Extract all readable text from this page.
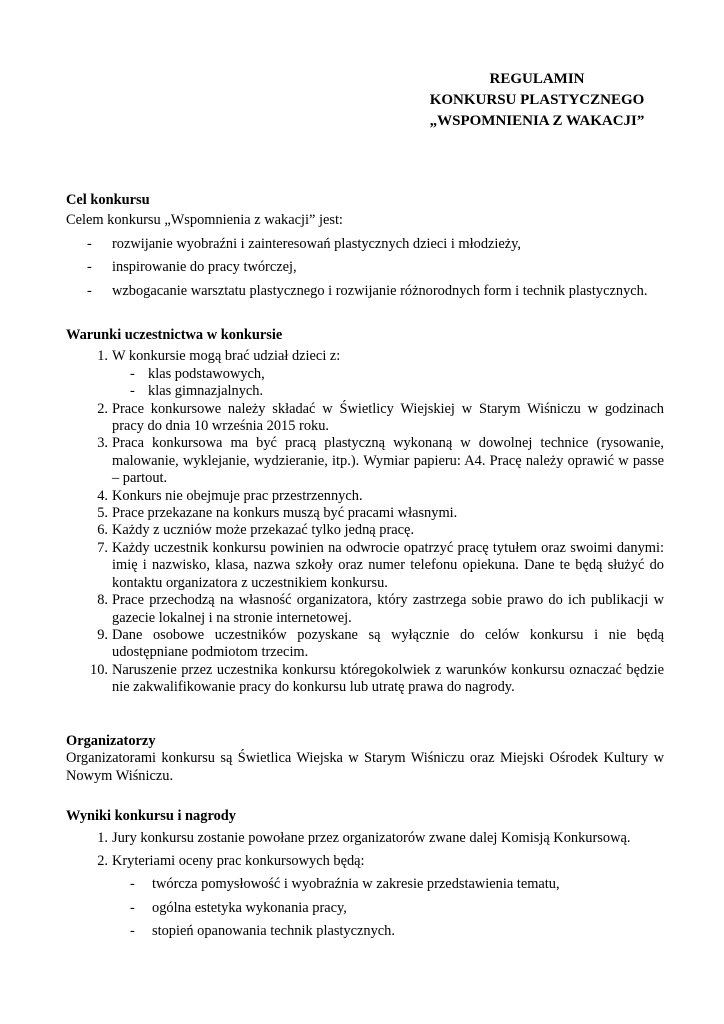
REGULAMIN
KONKURSU PLASTYCZNEGO
„WSPOMNIENIA Z WAKACJI”
Cel konkursu
Celem konkursu „Wspomnienia z wakacji” jest:
- rozwijanie wyobraźni i zainteresowań plastycznych dzieci i młodzieży,
- inspirowanie do pracy twórczej,
- wzbogacanie warsztatu plastycznego i rozwijanie różnorodnych form i technik plastycznych.
Warunki uczestnictwa w konkursie
1. W konkursie mogą brać udział dzieci z:
- klas podstawowych,
- klas gimnazjalnych.
2. Prace konkursowe należy składać w Świetlicy Wiejskiej w Starym Wiśniczu w godzinach pracy do dnia 10 września 2015 roku.
3. Praca konkursowa ma być pracą plastyczną wykonaną w dowolnej technice (rysowanie, malowanie, wyklejanie, wydzieranie, itp.). Wymiar papieru: A4. Pracę należy oprawić w passe – partout.
4. Konkurs nie obejmuje prac przestrzennych.
5. Prace przekazane na konkurs muszą być pracami własnymi.
6. Każdy z uczniów może przekazać tylko jedną pracę.
7. Każdy uczestnik konkursu powinien na odwrocie opatrzyć pracę tytułem oraz swoimi danymi: imię i nazwisko, klasa, nazwa szkoły oraz numer telefonu opiekuna. Dane te będą służyć do kontaktu organizatora z uczestnikiem konkursu.
8. Prace przechodzą na własność organizatora, który zastrzega sobie prawo do ich publikacji w gazecie lokalnej i na stronie internetowej.
9. Dane osobowe uczestników pozyskane są wyłącznie do celów konkursu i nie będą udostępniane podmiotom trzecim.
10. Naruszenie przez uczestnika konkursu któregokolwiek z warunków konkursu oznaczać będzie nie zakwalifikowanie pracy do konkursu lub utratę prawa do nagrody.
Organizatorzy
Organizatorami konkursu są Świetlica Wiejska w Starym Wiśniczu oraz Miejski Ośrodek Kultury w Nowym Wiśniczu.
Wyniki konkursu i nagrody
1. Jury konkursu zostanie powołane przez organizatorów zwane dalej Komisją Konkursową.
2. Kryteriami oceny prac konkursowych będą:
- twórcza pomysłowość i wyobraźnia w zakresie przedstawienia tematu,
- ogólna estetyka wykonania pracy,
- stopień opanowania technik plastycznych.
